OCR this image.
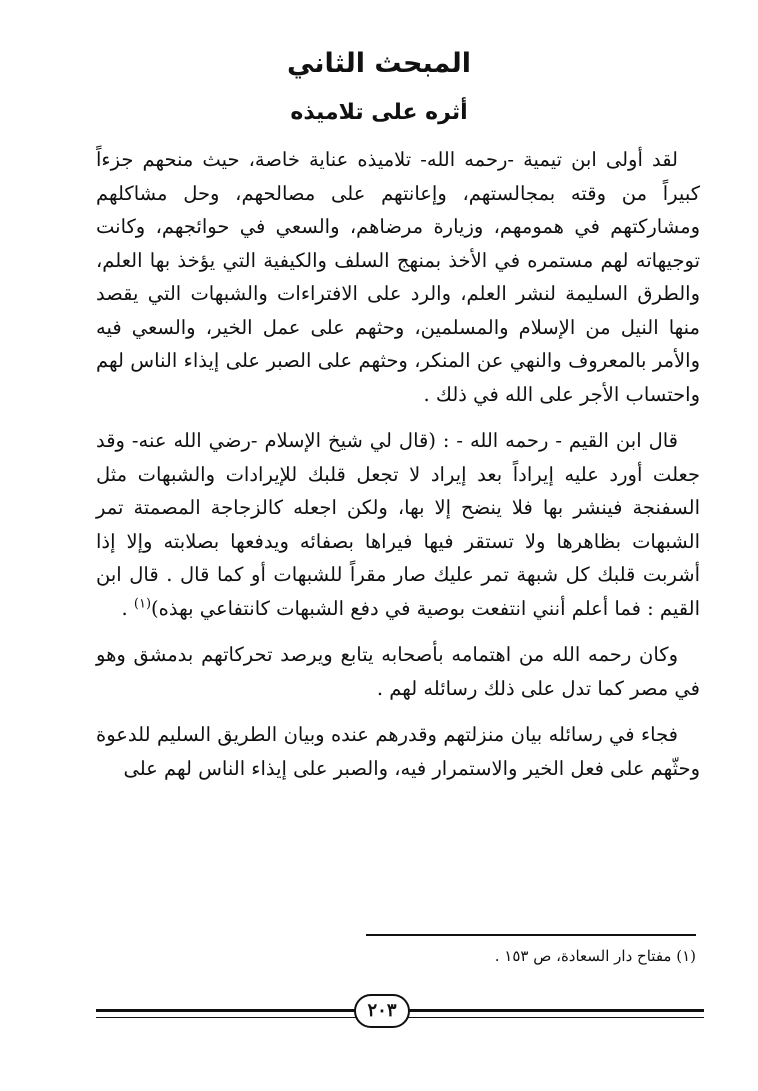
المبحث الثاني
أثره على تلاميذه

لقد أولى ابن تيمية -رحمه الله- تلاميذه عناية خاصة، حيث منحهم جزءاً كبيراً من وقته بمجالستهم، وإعانتهم على مصالحهم، وحل مشاكلهم ومشاركتهم في همومهم، وزيارة مرضاهم، والسعي في حوائجهم، وكانت توجيهاته لهم مستمره في الأخذ بمنهج السلف والكيفية التي يؤخذ بها العلم، والطرق السليمة لنشر العلم، والرد على الافتراءات والشبهات التي يقصد منها النيل من الإسلام والمسلمين، وحثهم على عمل الخير، والسعي فيه والأمر بالمعروف والنهي عن المنكر، وحثهم على الصبر على إيذاء الناس لهم واحتساب الأجر على الله في ذلك .

قال ابن القيم - رحمه الله - : (قال لي شيخ الإسلام -رضي الله عنه- وقد جعلت أورد عليه إيراداً بعد إيراد لا تجعل قلبك للإيرادات والشبهات مثل السفنجة فينشر بها فلا ينضح إلا بها، ولكن اجعله كالزجاجة المصمتة تمر الشبهات بظاهرها ولا تستقر فيها فيراها بصفائه ويدفعها بصلابته وإلا إذا أشربت قلبك كل شبهة تمر عليك صار مقراً للشبهات أو كما قال . قال ابن القيم : فما أعلم أنني انتفعت بوصية في دفع الشبهات كانتفاعي بهذه)$^{(١)}$ .

وكان رحمه الله من اهتمامه بأصحابه يتابع ويرصد تحركاتهم بدمشق وهو في مصر كما تدل على ذلك رسائله لهم .

فجاء في رسائله بيان منزلتهم وقدرهم عنده وبيان الطريق السليم للدعوة وحثّهم على فعل الخير والاستمرار فيه، والصبر على إيذاء الناس لهم على

(١) مفتاح دار السعادة، ص ١٥٣ .
٢٠٣
